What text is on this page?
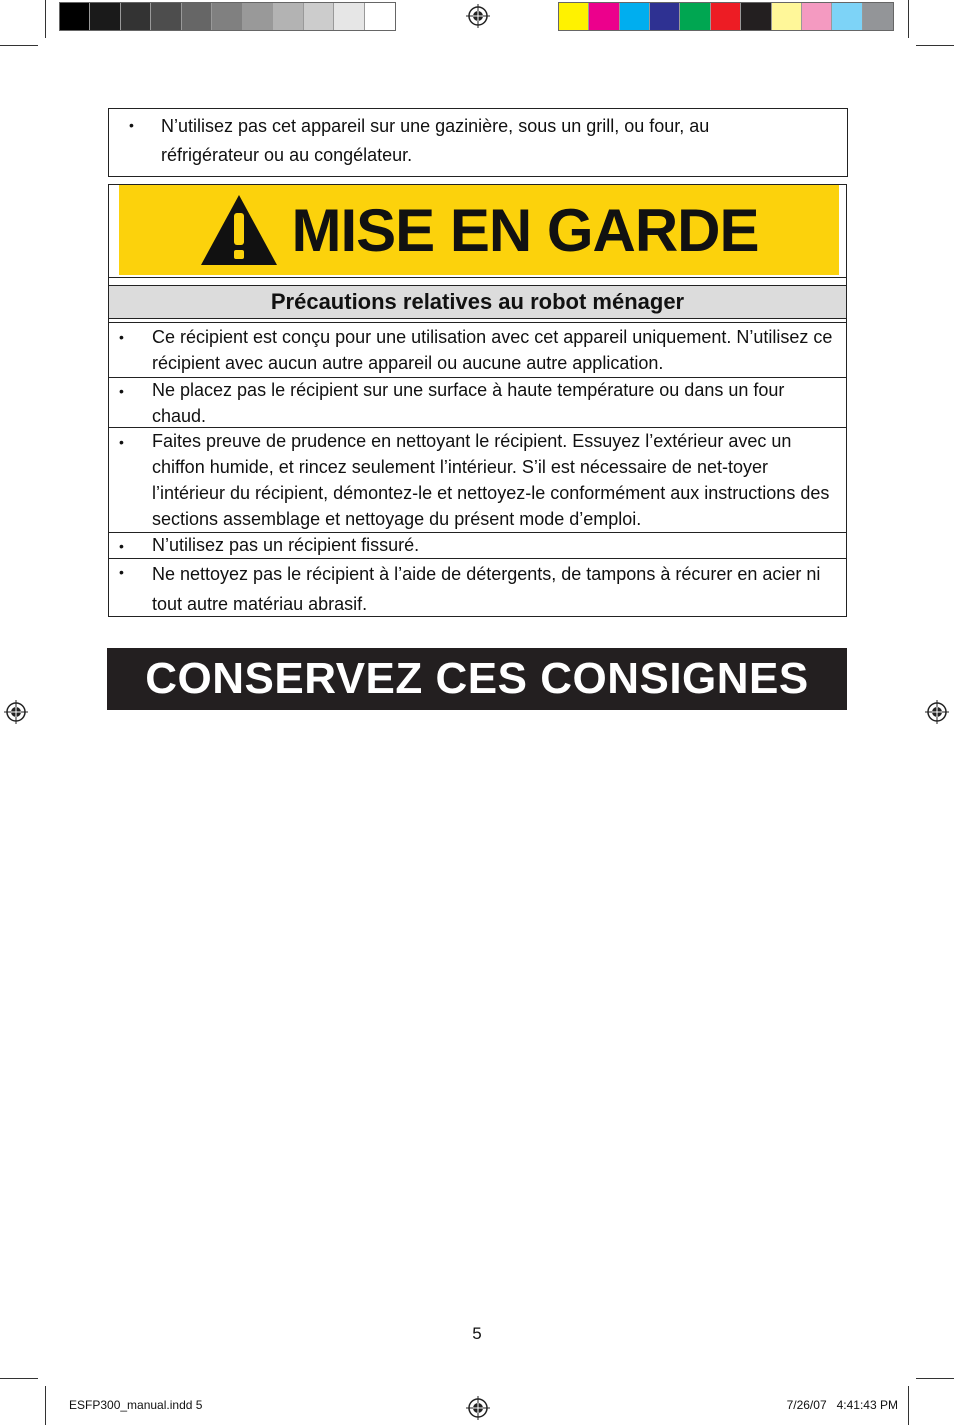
• N’utilisez pas cet appareil sur une gazinière, sous un grill, ou four, au réfrigérateur ou au congélateur.
MISE EN GARDE
Précautions relatives au robot ménager
• Ce récipient est conçu pour une utilisation avec cet appareil uniquement. N’utilisez ce récipient avec aucun autre appareil ou aucune autre application.
• Ne placez pas le récipient sur une surface à haute température ou dans un four chaud.
• Faites preuve de prudence en nettoyant le récipient. Essuyez l’extérieur avec un chiffon humide, et rincez seulement l’intérieur. S’il est nécessaire de net-toyer l’intérieur du récipient, démontez-le et nettoyez-le conformément aux instructions des sections assemblage et nettoyage du présent mode d’emploi.
• N’utilisez pas un récipient fissuré.
• Ne nettoyez pas le récipient à l’aide de détergents, de tampons à récurer en acier ni tout autre matériau abrasif.
CONSERVEZ CES CONSIGNES
5
ESFP300_manual.indd 5	7/26/07   4:41:43 PM
